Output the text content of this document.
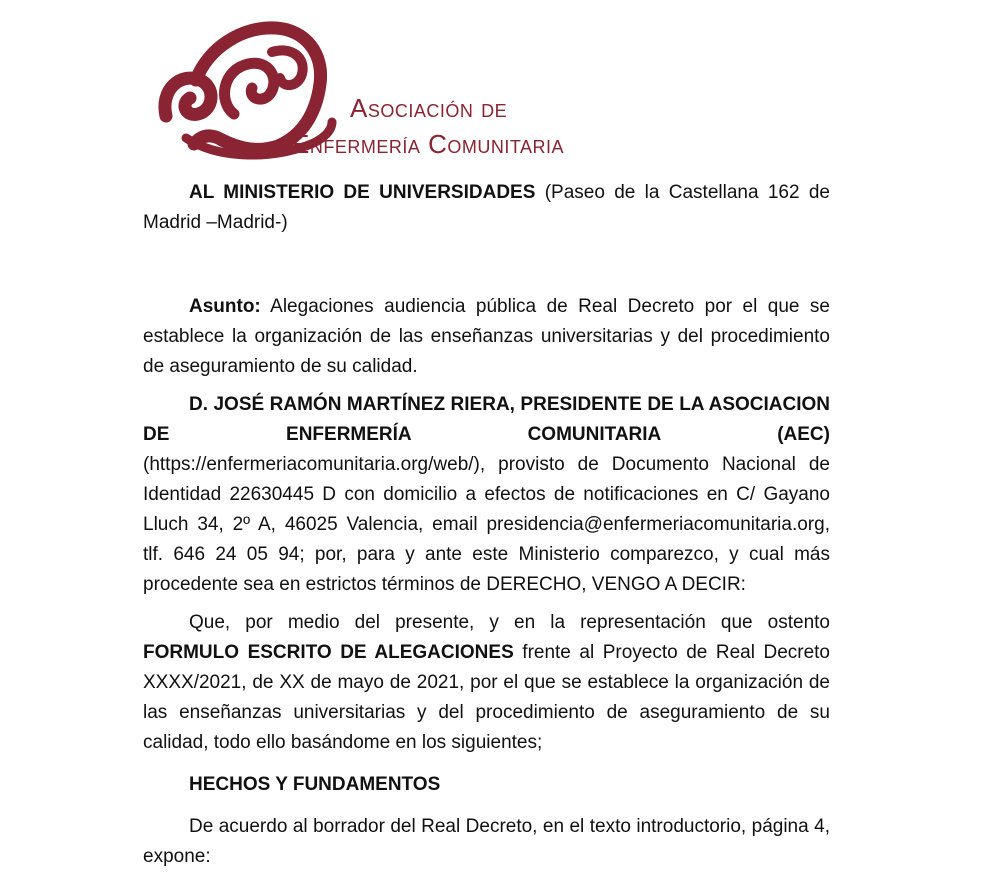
Asociación de
Enfermería Comunitaria

AL MINISTERIO DE UNIVERSIDADES (Paseo de la Castellana 162 de Madrid –Madrid-)

Asunto: Alegaciones audiencia pública de Real Decreto por el que se establece la organización de las enseñanzas universitarias y del procedimiento de aseguramiento de su calidad.

D. JOSÉ RAMÓN MARTÍNEZ RIERA, PRESIDENTE DE LA ASOCIACION DE ENFERMERÍA COMUNITARIA (AEC) (https://enfermeriacomunitaria.org/web/), provisto de Documento Nacional de Identidad 22630445 D con domicilio a efectos de notificaciones en C/ Gayano Lluch 34, 2º A, 46025 Valencia, email presidencia@enfermeriacomunitaria.org, tlf. 646 24 05 94; por, para y ante este Ministerio comparezco, y cual más procedente sea en estrictos términos de DERECHO, VENGO A DECIR:

Que, por medio del presente, y en la representación que ostento FORMULO ESCRITO DE ALEGACIONES frente al Proyecto de Real Decreto XXXX/2021, de XX de mayo de 2021, por el que se establece la organización de las enseñanzas universitarias y del procedimiento de aseguramiento de su calidad, todo ello basándome en los siguientes;

HECHOS Y FUNDAMENTOS

De acuerdo al borrador del Real Decreto, en el texto introductorio, página 4, expone:
